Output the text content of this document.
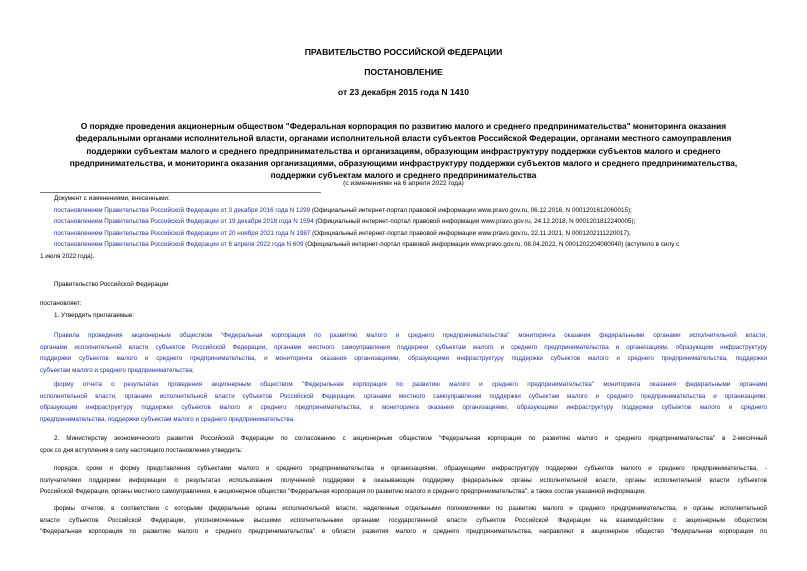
ПРАВИТЕЛЬСТВО РОССИЙСКОЙ ФЕДЕРАЦИИ
ПОСТАНОВЛЕНИЕ
от 23 декабря 2015 года N 1410
О порядке проведения акционерным обществом "Федеральная корпорация по развитию малого и среднего предпринимательства" мониторинга оказания
федеральными органами исполнительной власти, органами исполнительной власти субъектов Российской Федерации, органами местного самоуправления
поддержки субъектам малого и среднего предпринимательства и организациям, образующим инфраструктуру поддержки субъектов малого и среднего
предпринимательства, и мониторинга оказания организациями, образующими инфраструктуру поддержки субъектов малого и среднего предпринимательства,
поддержки субъектам малого и среднего предпринимательства
(с изменениями на 6 апреля 2022 года)
Документ с изменениями, внесенными:
постановлением Правительства Российской Федерации от 3 декабря 2016 года N 1299 (Официальный интернет-портал правовой информации www.pravo.gov.ru, 06.12.2016, N 0001201612060015);
постановлением Правительства Российской Федерации от 19 декабря 2018 года N 1594 (Официальный интернет-портал правовой информации www.pravo.gov.ru, 24.12.2018, N 0001201812240005);
постановлением Правительства Российской Федерации от 20 ноября 2021 года N 1987 (Официальный интернет-портал правовой информации www.pravo.gov.ru, 22.11.2021, N 0001202111220017);
постановлением Правительства Российской Федерации от 6 апреля 2022 года N 609 (Официальный интернет-портал правовой информации www.pravo.gov.ru, 08.04.2022, N 0001202204080040) (вступило в силу с
1 июля 2022 года).
Правительство Российской Федерации
постановляет:
1. Утвердить прилагаемые:
Правила проведения акционерным обществом "Федеральная корпорация по развитию малого и среднего предпринимательства" мониторинга оказания федеральными органами исполнительной власти,
органами исполнительной власти субъектов Российской Федерации, органами местного самоуправления поддержки субъектам малого и среднего предпринимательства и организациям, образующим инфраструктуру
поддержки субъектов малого и среднего предпринимательства, и мониторинга оказания организациями, образующими инфраструктуру поддержки субъектов малого и среднего предпринимательства, поддержки
субъектам малого и среднего предпринимательства;
форму отчета о результатах проведения акционерным обществом "Федеральная корпорация по развитию малого и среднего предпринимательства" мониторинга оказания федеральными органами
исполнительной власти, органами исполнительной власти субъектов Российской Федерации, органами местного самоуправления поддержки субъектам малого и среднего предпринимательства и организациям,
образующим инфраструктуру поддержки субъектов малого и среднего предпринимательства, и мониторинга оказания организациями, образующими инфраструктуру поддержки субъектов малого и среднего
предпринимательства, поддержки субъектам малого и среднего предпринимательства.
2. Министерству экономического развития Российской Федерации по согласованию с акционерным обществом "Федеральная корпорация по развитию малого и среднего предпринимательства" в 2-месячный
срок со дня вступления в силу настоящего постановления утвердить:
порядок, сроки и форму представления субъектами малого и среднего предпринимательства и организациями, образующими инфраструктуру поддержки субъектов малого и среднего предпринимательства, -
получателями поддержки информации о результатах использования полученной поддержки в оказывающие поддержку федеральные органы исполнительной власти, органы исполнительной власти субъектов
Российской Федерации, органы местного самоуправления, в акционерное общество "Федеральная корпорация по развитию малого и среднего предпринимательства", а также состав указанной информации;
формы отчетов, в соответствии с которыми федеральные органы исполнительной власти, наделенные отдельными полномочиями по развитию малого и среднего предпринимательства, и органы исполнительной
власти субъектов Российской Федерации, уполномоченные высшими исполнительными органами государственной власти субъектов Российской Федерации на взаимодействие с акционерным обществом
"Федеральная корпорация по развитию малого и среднего предпринимательства" в области развития малого и среднего предпринимательства, направляют в акционерное общество "Федеральная корпорация по
